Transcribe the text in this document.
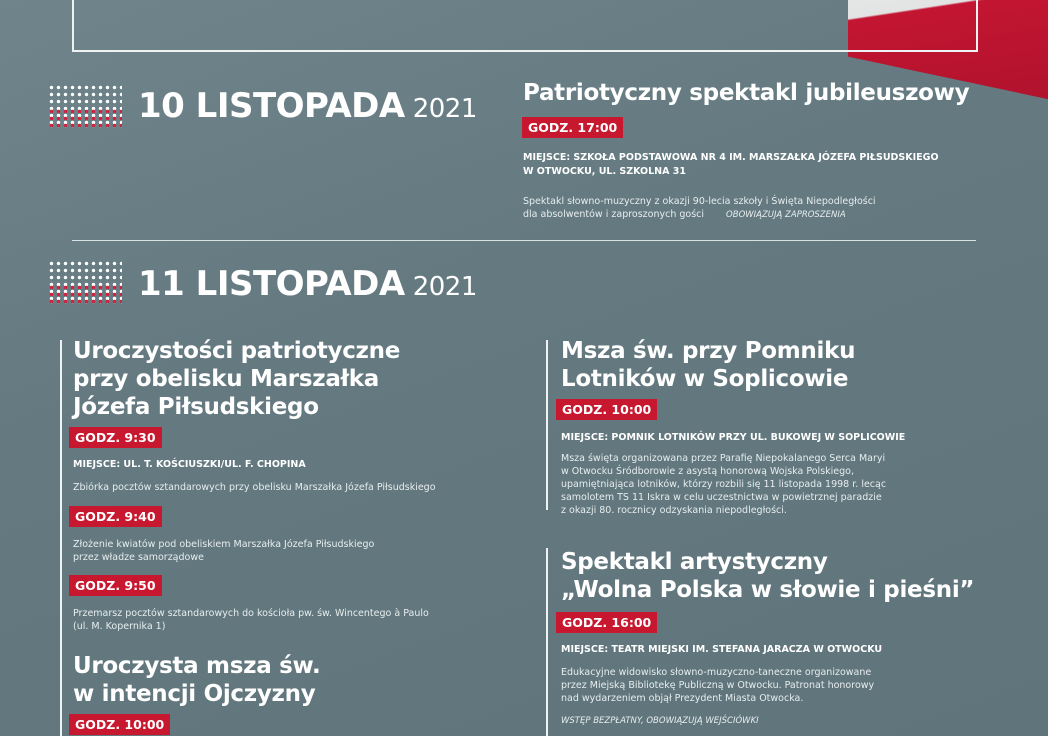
10 LISTOPADA 2021
Patriotyczny spektakl jubileuszowy
GODZ. 17:00
MIEJSCE: SZKOŁA PODSTAWOWA NR 4 IM. MARSZAŁKA JÓZEFA PIŁSUDSKIEGO
W OTWOCKU, UL. SZKOLNA 31
Spektakl słowno-muzyczny z okazji 90-lecia szkoły i Święta Niepodległości
dla absolwentów i zaproszonych gości	OBOWIĄZUJĄ ZAPROSZENIA
11 LISTOPADA 2021
Uroczystości patriotyczne
przy obelisku Marszałka
Józefa Piłsudskiego
GODZ. 9:30
MIEJSCE: UL. T. KOŚCIUSZKI/UL. F. CHOPINA
Zbiórka pocztów sztandarowych przy obelisku Marszałka Józefa Piłsudskiego
GODZ. 9:40
Złożenie kwiatów pod obeliskiem Marszałka Józefa Piłsudskiego
przez władze samorządowe
GODZ. 9:50
Przemarsz pocztów sztandarowych do kościoła pw. św. Wincentego à Paulo
(ul. M. Kopernika 1)
Uroczysta msza św.
w intencji Ojczyzny
GODZ. 10:00
Msza św. przy Pomniku
Lotników w Soplicowie
GODZ. 10:00
MIEJSCE: POMNIK LOTNIKÓW PRZY UL. BUKOWEJ W SOPLICOWIE
Msza święta organizowana przez Parafię Niepokalanego Serca Maryi
w Otwocku Śródborowie z asystą honorową Wojska Polskiego,
upamiętniająca lotników, którzy rozbili się 11 listopada 1998 r. lecąc
samolotem TS 11 Iskra w celu uczestnictwa w powietrznej paradzie
z okazji 80. rocznicy odzyskania niepodległości.
Spektakl artystyczny
„Wolna Polska w słowie i pieśni”
GODZ. 16:00
MIEJSCE: TEATR MIEJSKI IM. STEFANA JARACZA W OTWOCKU
Edukacyjne widowisko słowno-muzyczno-taneczne organizowane
przez Miejską Bibliotekę Publiczną w Otwocku. Patronat honorowy
nad wydarzeniem objął Prezydent Miasta Otwocka.
WSTĘP BEZPŁATNY, OBOWIĄZUJĄ WEJŚCIÓWKI
